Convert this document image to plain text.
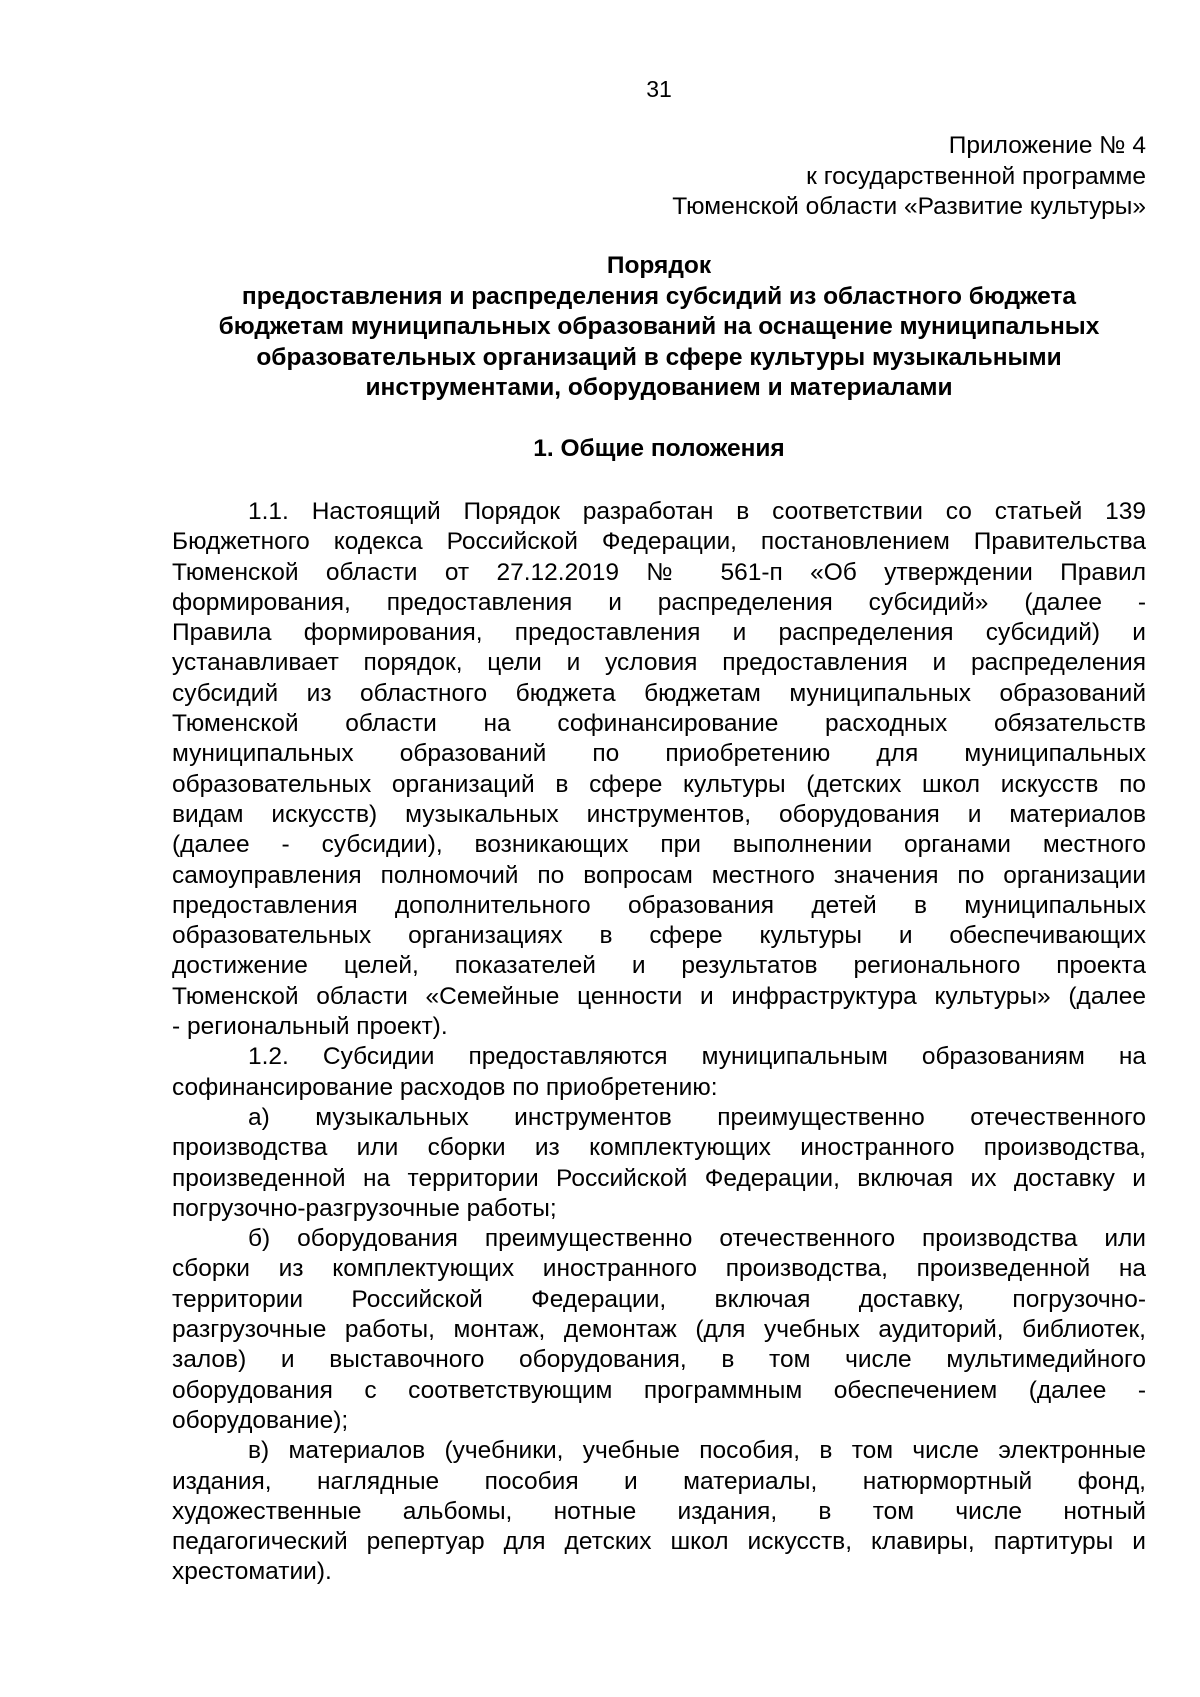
31
Приложение № 4
к государственной программе
Тюменской области «Развитие культуры»
Порядок
предоставления и распределения субсидий из областного бюджета
бюджетам муниципальных образований на оснащение муниципальных
образовательных организаций в сфере культуры музыкальными
инструментами, оборудованием и материалами
1. Общие положения
1.1. Настоящий Порядок разработан в соответствии со статьей 139
Бюджетного кодекса Российской Федерации, постановлением Правительства
Тюменской области от 27.12.2019 № 561-п «Об утверждении Правил
формирования, предоставления и распределения субсидий» (далее -
Правила формирования, предоставления и распределения субсидий) и
устанавливает порядок, цели и условия предоставления и распределения
субсидий из областного бюджета бюджетам муниципальных образований
Тюменской области на софинансирование расходных обязательств
муниципальных образований по приобретению для муниципальных
образовательных организаций в сфере культуры (детских школ искусств по
видам искусств) музыкальных инструментов, оборудования и материалов
(далее - субсидии), возникающих при выполнении органами местного
самоуправления полномочий по вопросам местного значения по организации
предоставления дополнительного образования детей в муниципальных
образовательных организациях в сфере культуры и обеспечивающих
достижение целей, показателей и результатов регионального проекта
Тюменской области «Семейные ценности и инфраструктура культуры» (далее
- региональный проект).
1.2. Субсидии предоставляются муниципальным образованиям на
софинансирование расходов по приобретению:
а) музыкальных инструментов преимущественно отечественного
производства или сборки из комплектующих иностранного производства,
произведенной на территории Российской Федерации, включая их доставку и
погрузочно-разгрузочные работы;
б) оборудования преимущественно отечественного производства или
сборки из комплектующих иностранного производства, произведенной на
территории Российской Федерации, включая доставку, погрузочно-
разгрузочные работы, монтаж, демонтаж (для учебных аудиторий, библиотек,
залов) и выставочного оборудования, в том числе мультимедийного
оборудования с соответствующим программным обеспечением (далее -
оборудование);
в) материалов (учебники, учебные пособия, в том числе электронные
издания, наглядные пособия и материалы, натюрмортный фонд,
художественные альбомы, нотные издания, в том числе нотный
педагогический репертуар для детских школ искусств, клавиры, партитуры и
хрестоматии).
